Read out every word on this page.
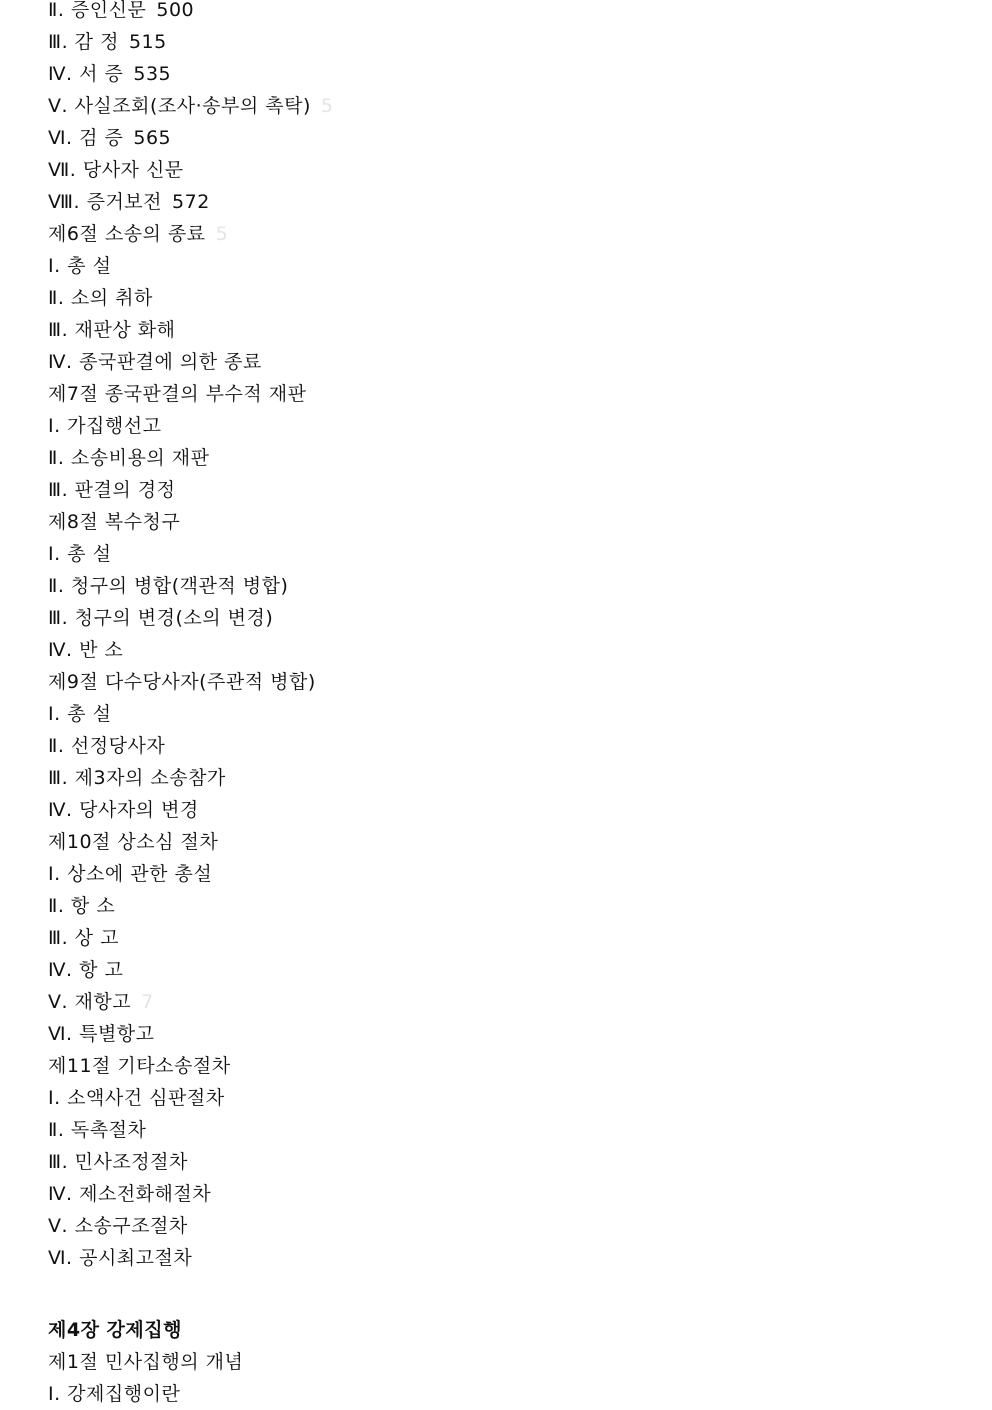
Ⅱ. 증인신문 500
Ⅲ. 감 정 515
Ⅳ. 서 증 535
Ⅴ. 사실조회(조사·송부의 촉탁) 5
Ⅵ. 검 증 565
Ⅶ. 당사자 신문
Ⅷ. 증거보전 572
제6절 소송의 종료 5
Ⅰ. 총 설
Ⅱ. 소의 취하
Ⅲ. 재판상 화해
Ⅳ. 종국판결에 의한 종료
제7절 종국판결의 부수적 재판
Ⅰ. 가집행선고
Ⅱ. 소송비용의 재판
Ⅲ. 판결의 경정
제8절 복수청구
Ⅰ. 총 설
Ⅱ. 청구의 병합(객관적 병합)
Ⅲ. 청구의 변경(소의 변경)
Ⅳ. 반 소
제9절 다수당사자(주관적 병합)
Ⅰ. 총 설
Ⅱ. 선정당사자
Ⅲ. 제3자의 소송참가
Ⅳ. 당사자의 변경
제10절 상소심 절차
Ⅰ. 상소에 관한 총설
Ⅱ. 항 소
Ⅲ. 상 고
Ⅳ. 항 고
Ⅴ. 재항고 7
Ⅵ. 특별항고
제11절 기타소송절차
Ⅰ. 소액사건 심판절차
Ⅱ. 독촉절차
Ⅲ. 민사조정절차
Ⅳ. 제소전화해절차
Ⅴ. 소송구조절차
Ⅵ. 공시최고절차
제4장 강제집행
제1절 민사집행의 개념
Ⅰ. 강제집행이란
